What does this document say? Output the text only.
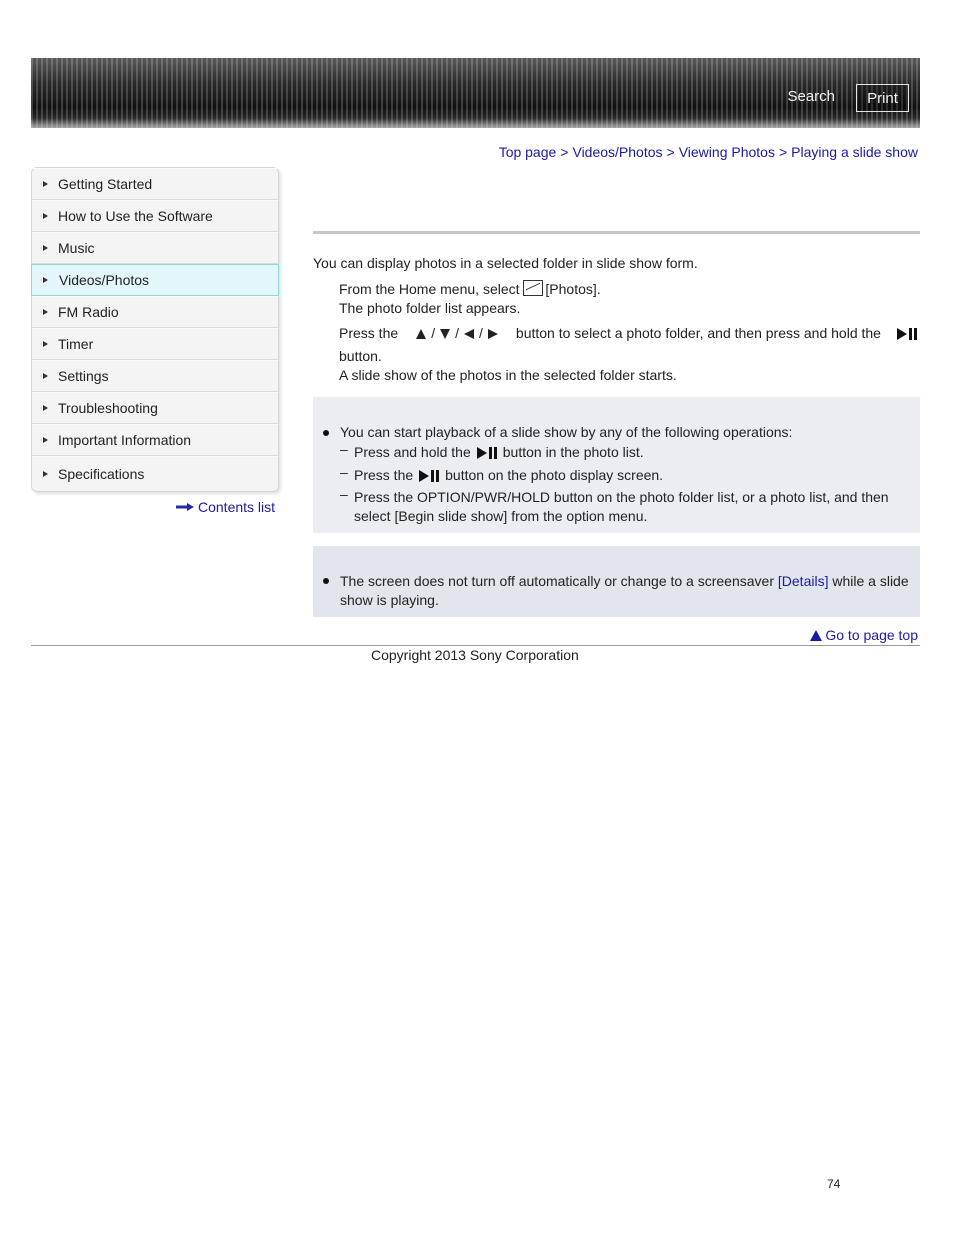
Search	Print
Top page > Videos/Photos > Viewing Photos > Playing a slide show
Getting Started
How to Use the Software
Music
Videos/Photos
FM Radio
Timer
Settings
Troubleshooting
Important Information
Specifications
Contents list
You can display photos in a selected folder in slide show form.
From the Home menu, select [Photos].
The photo folder list appears.
Press the / / / button to select a photo folder, and then press and hold the
button.
A slide show of the photos in the selected folder starts.
You can start playback of a slide show by any of the following operations:
– Press and hold the button in the photo list.
– Press the button on the photo display screen.
– Press the OPTION/PWR/HOLD button on the photo folder list, or a photo list, and then
select [Begin slide show] from the option menu.
The screen does not turn off automatically or change to a screensaver [Details] while a slide
show is playing.
Go to page top
Copyright 2013 Sony Corporation
74
